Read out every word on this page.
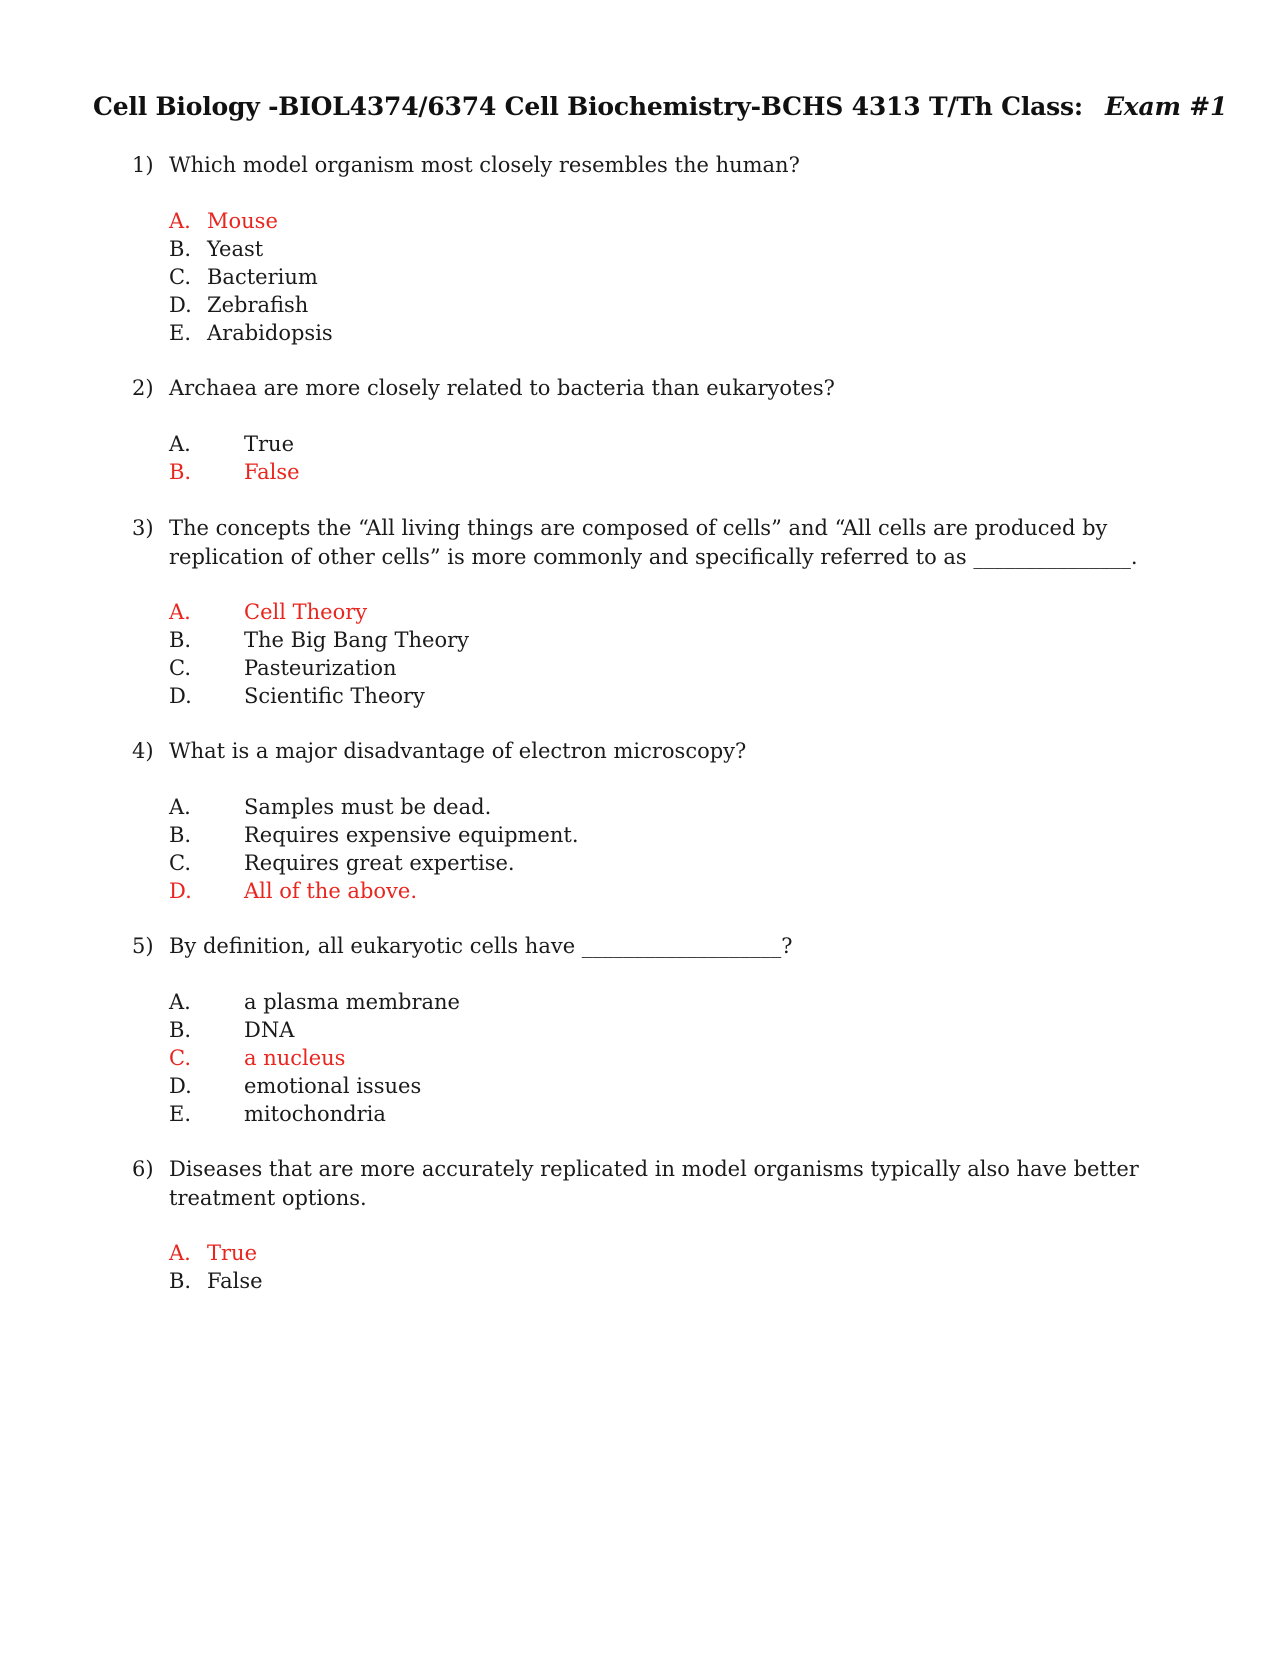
Cell Biology -BIOL4374/6374 Cell Biochemistry-BCHS 4313 T/Th Class: Exam #1
1) Which model organism most closely resembles the human?
A. Mouse
B. Yeast
C. Bacterium
D. Zebrafish
E. Arabidopsis
2) Archaea are more closely related to bacteria than eukaryotes?
A.	True
B.	False
3) The concepts the “All living things are composed of cells” and “All cells are produced by
replication of other cells” is more commonly and specifically referred to as _______________.
A.	Cell Theory
B.	The Big Bang Theory
C.	Pasteurization
D. Scientific Theory
4) What is a major disadvantage of electron microscopy?
A.	Samples must be dead.
B.	Requires expensive equipment.
C.	Requires great expertise.
D. All of the above.
5) By definition, all eukaryotic cells have ___________________?
A.	a plasma membrane
B.	DNA
C.	a nucleus
D. emotional issues
E.	mitochondria
6) Diseases that are more accurately replicated in model organisms typically also have better
treatment options.
A. True
B. False
